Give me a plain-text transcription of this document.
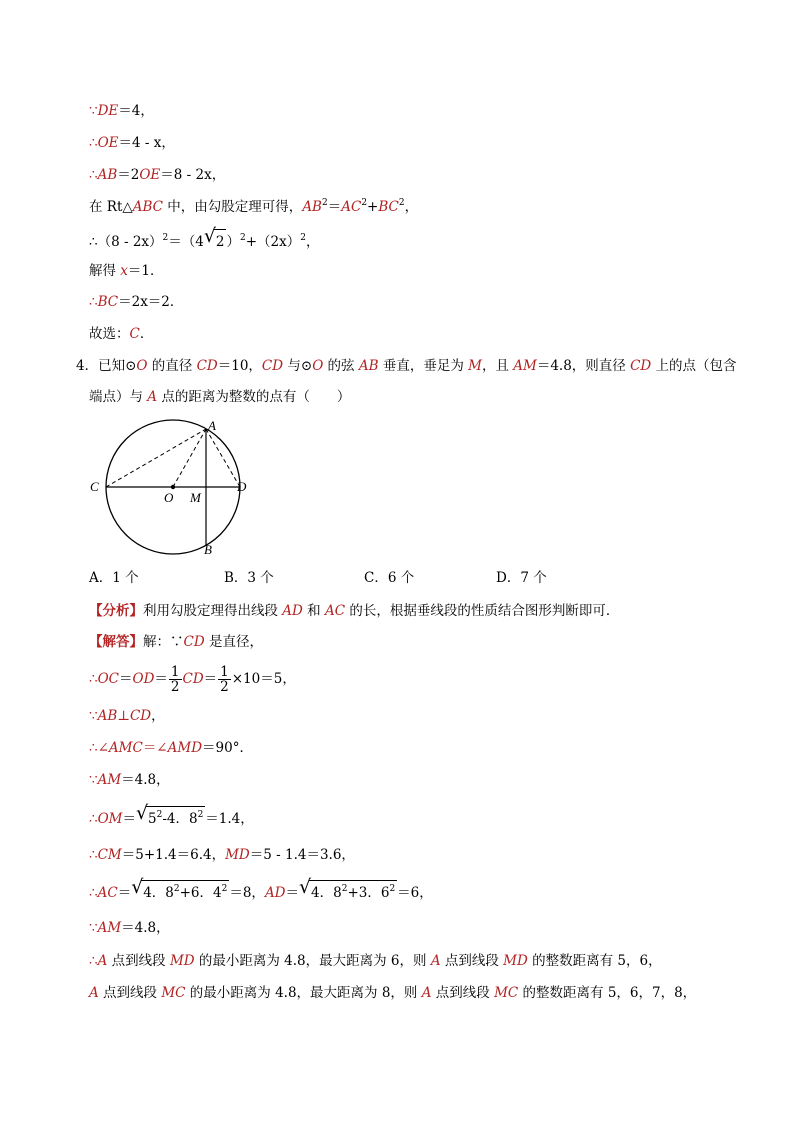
∵DE＝4，
∴OE＝4 - x，
∴AB＝2OE＝8 - 2x，
在 Rt△ABC 中，由勾股定理可得，$AB^2=AC^2+BC^2$，
∴（8 - 2x）$^2$＝（4 √ 2 ）$^2+(2x)^2$，
解得 x＝1．
∴BC＝2x＝2．
故选：C．
4．已知⊙O 的直径 CD＝10，CD 与⊙O 的弦 AB 垂直，垂足为 M，且 AM＝4.8，则直径 CD 上的点（包含
端点）与 A 点的距离为整数的点有（　　）
A
B
C	D
O M
A．1 个	B．3 个	C．6 个	D．7 个
【分析】利用勾股定理得出线段 AD 和 AC 的长，根据垂线段的性质结合图形判断即可．
【解答】解：∵CD 是直径，
∴OC＝OD＝ $\frac{1}{2} CD= \frac{1}{2} \times 10=5$，
∵AB⊥CD，
∴∠AMC＝∠AMD＝90°．
∵AM＝4.8，
∴OM＝ √ $5^2-4$．$8^2 =1.4$，
∴CM＝5+1.4＝6.4，MD＝5 - 1.4＝3.6，
∴AC＝ √ 4．$8^2+6$．$4^2 =8$，AD＝ √ 4．$8^2+3$．$6^2 =6$，
∵AM＝4.8，
∴A 点到线段 MD 的最小距离为 4.8，最大距离为 6，则 A 点到线段 MD 的整数距离有 5，6，
A 点到线段 MC 的最小距离为 4.8，最大距离为 8，则 A 点到线段 MC 的整数距离有 5，6，7，8，
